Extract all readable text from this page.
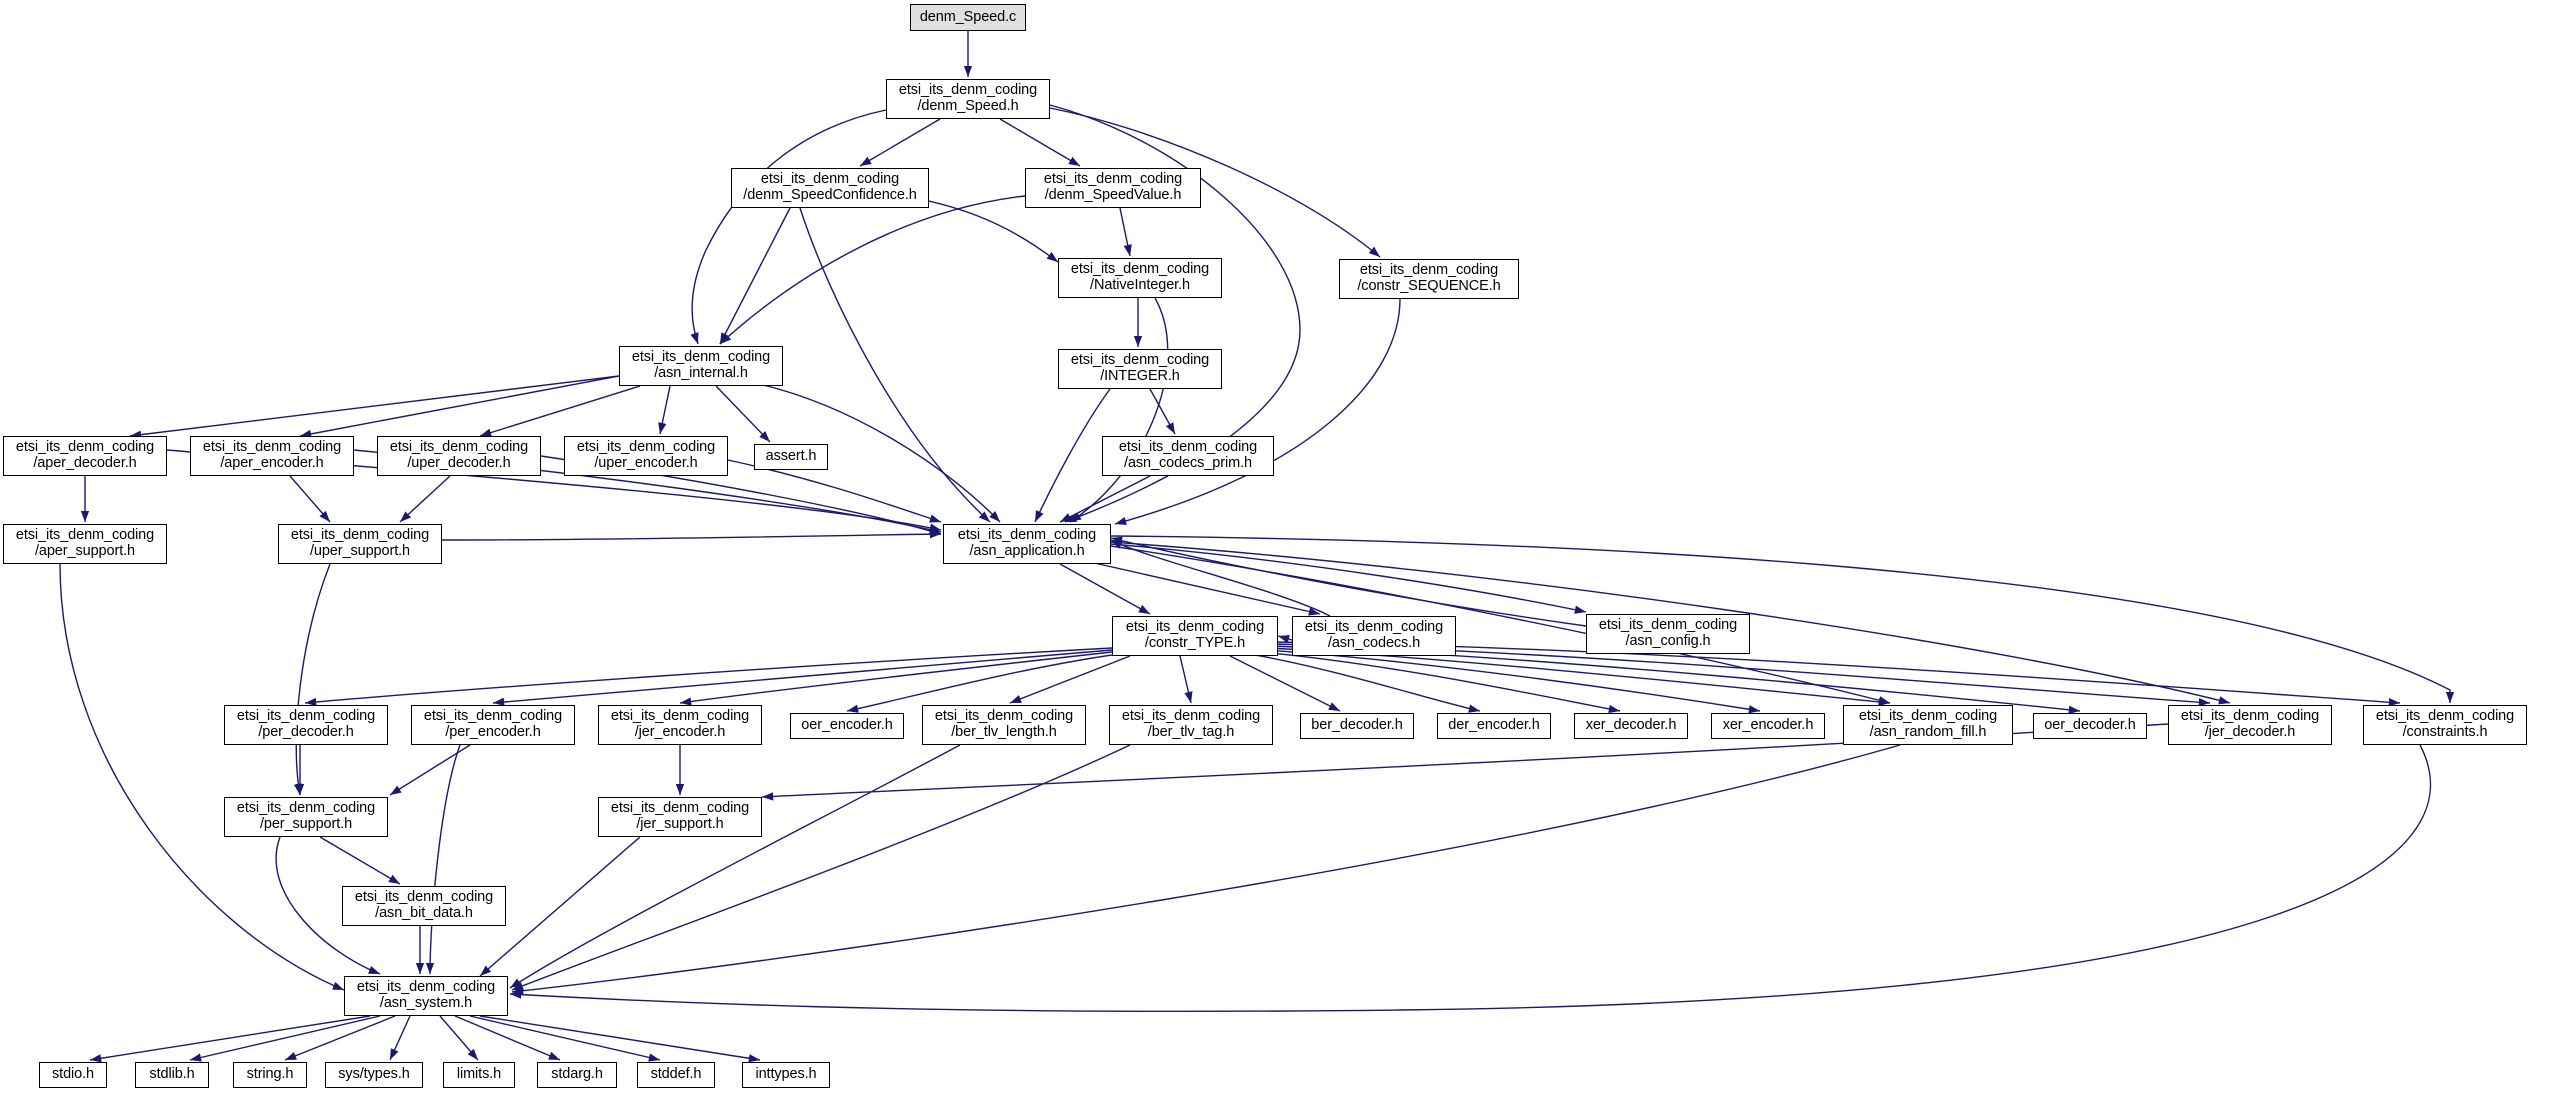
denm_Speed.c
etsi_its_denm_coding
/denm_Speed.h
etsi_its_denm_coding
/denm_SpeedConfidence.h
etsi_its_denm_coding
/denm_SpeedValue.h
etsi_its_denm_coding
/NativeInteger.h
etsi_its_denm_coding
/constr_SEQUENCE.h
etsi_its_denm_coding
/INTEGER.h
etsi_its_denm_coding
/asn_internal.h
etsi_its_denm_coding
/asn_codecs_prim.h
etsi_its_denm_coding
/aper_decoder.h
etsi_its_denm_coding
/aper_encoder.h
etsi_its_denm_coding
/uper_decoder.h
etsi_its_denm_coding
/uper_encoder.h	assert.h
etsi_its_denm_coding
/asn_application.h
etsi_its_denm_coding
/aper_support.h
etsi_its_denm_coding
/uper_support.h
etsi_its_denm_coding
/constr_TYPE.h
etsi_its_denm_coding
/asn_codecs.h
etsi_its_denm_coding
/asn_config.h
etsi_its_denm_coding
/per_decoder.h
etsi_its_denm_coding
/per_encoder.h
etsi_its_denm_coding
/jer_encoder.h	oer_encoder.h
etsi_its_denm_coding
/ber_tlv_length.h
etsi_its_denm_coding
/ber_tlv_tag.h	ber_decoder.h	der_encoder.h	xer_decoder.h	xer_encoder.h
etsi_its_denm_coding
/asn_random_fill.h	oer_decoder.h
etsi_its_denm_coding
/jer_decoder.h
etsi_its_denm_coding
/constraints.h
etsi_its_denm_coding
/per_support.h
etsi_its_denm_coding
/jer_support.h
etsi_its_denm_coding
/asn_bit_data.h
etsi_its_denm_coding
/asn_system.h
stdio.h	stdlib.h	string.h	sys/types.h	limits.h	stdarg.h	stddef.h	inttypes.h
